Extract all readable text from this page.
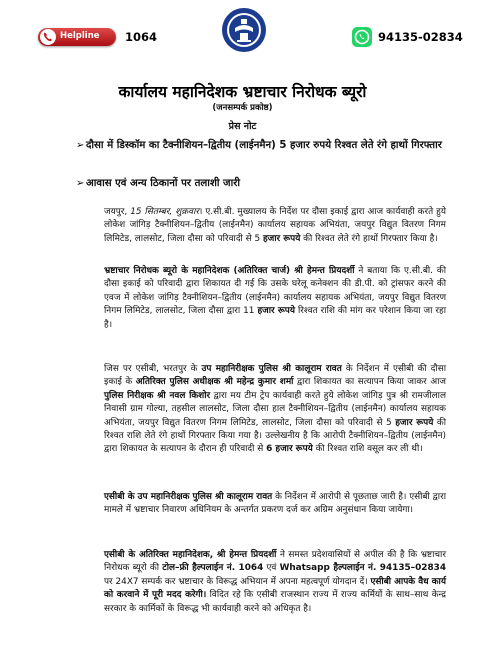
Helpline 1064	94135-02834
कार्यालय महानिदेशक भ्रष्टाचार निरोधक ब्यूरो
(जनसम्पर्क प्रकोष्ठ)
प्रेस नोट
➢ दौसा में डिस्कॉम का टैक्नीशियन–द्वितीय (लाईनमैन) 5 हजार रुपये रिश्वत लेते रंगे हाथों गिरफ्तार
➢ आवास एवं अन्य ठिकानों पर तलाशी जारी

जयपुर, 15 सितम्बर, शुक्रवार। ए.सी.बी. मुख्यालय के निर्देश पर दौसा इकाई द्वारा आज कार्यवाही करते हुये लोकेश जांगिड़ टैक्नीशियन–द्वितीय (लाईनमैन) कार्यालय सहायक अभियंता, जयपुर विद्युत वितरण निगम लिमिटेड, लालसोट, जिला दौसा को परिवादी से 5 हजार रूपये की रिश्वत लेते रंगे हाथों गिरफ्तार किया है।

भ्रष्टाचार निरोधक ब्यूरो के महानिदेशक (अतिरिक्त चार्ज) श्री हेमन्त प्रियदर्शी ने बताया कि ए.सी.बी. की दौसा इकाई को परिवादी द्वारा शिकायत दी गई कि उसके घरेलू कनेक्शन की डी.पी. को ट्रांसफर करने की एवज में लोकेश जांगिड़ टैक्नीशियन–द्वितीय (लाईनमैन) कार्यालय सहायक अभियंता, जयपुर विद्युत वितरण निगम लिमिटेड, लालसोट, जिला दौसा द्वारा 11 हजार रूपये रिश्वत राशि की मांग कर परेशान किया जा रहा है।

जिस पर एसीबी, भरतपुर के उप महानिरीक्षक पुलिस श्री कालूराम रावत के निर्देशन में एसीबी की दौसा इकाई के अतिरिक्त पुलिस अधीक्षक श्री महेन्द्र कुमार शर्मा द्वारा शिकायत का सत्यापन किया जाकर आज पुलिस निरीक्षक श्री नवल किशोर द्वारा मय टीम ट्रेप कार्यवाही करते हुये लोकेश जांगिड़ पुत्र श्री रामजीलाल निवासी ग्राम गोल्या, तहसील लालसोट, जिला दौसा हाल टैक्नीशियन–द्वितीय (लाईनमैन) कार्यालय सहायक अभियंता, जयपुर विद्युत वितरण निगम लिमिटेड, लालसोट, जिला दौसा को परिवादी से 5 हजार रूपये की रिश्वत राशि लेते रंगे हाथों गिरफ्तार किया गया है। उल्लेखनीय है कि आरोपी टैक्नीशियन–द्वितीय (लाईनमैन) द्वारा शिकायत के सत्यापन के दौरान ही परिवादी से 6 हजार रूपये की रिश्वत राशि वसूल कर ली थी।

एसीबी के उप महानिरीक्षक पुलिस श्री कालूराम रावत के निर्देशन में आरोपी से पूछताछ जारी है। एसीबी द्वारा मामले में भ्रष्टाचार निवारण अधिनियम के अन्तर्गत प्रकरण दर्ज कर अग्रिम अनुसंधान किया जायेगा।

एसीबी के अतिरिक्त महानिदेशक, श्री हेमन्त प्रियदर्शी ने समस्त प्रदेशवासियों से अपील की है कि भ्रष्टाचार निरोधक ब्यूरो की टोल–फ्री हैल्पलाईन नं. 1064 एवं Whatsapp हैल्पलाईन नं. 94135–02834 पर 24X7 सम्पर्क कर भ्रष्टाचार के विरूद्ध अभियान में अपना महत्वपूर्ण योगदान दें। एसीबी आपके वैध कार्य को करवाने में पूरी मदद करेगी। विदित रहे कि एसीबी राजस्थान राज्य में राज्य कर्मियों के साथ–साथ केन्द्र सरकार के कार्मिकों के विरूद्ध भी कार्यवाही करने को अधिकृत है।
